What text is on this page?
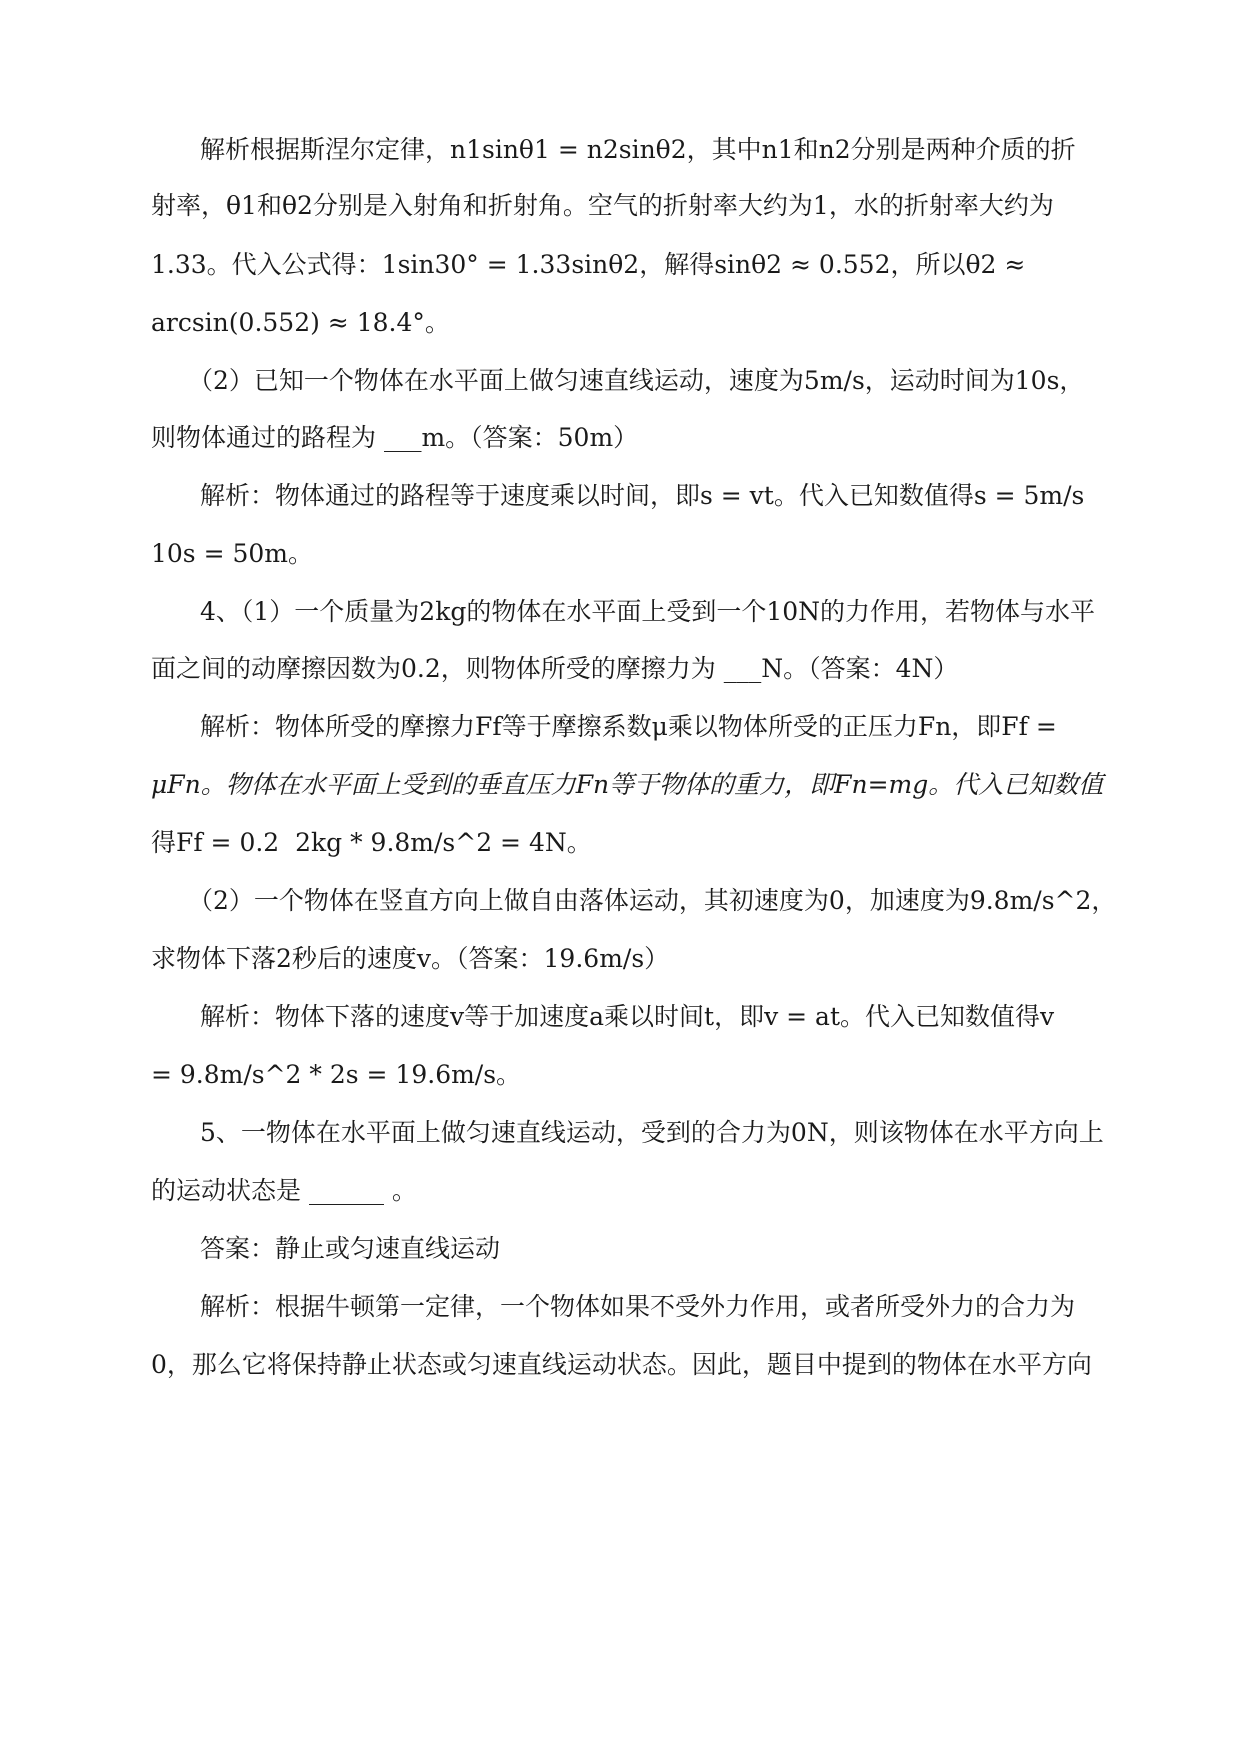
解析根据斯涅尔定律，n1sinθ1 = n2sinθ2，其中n1和n2分别是两种介质的折
射率，θ1和θ2分别是入射角和折射角。空气的折射率大约为1，水的折射率大约为
1.33。代入公式得：1sin30° = 1.33sinθ2，解得sinθ2 ≈ 0.552，所以θ2 ≈
arcsin(0.552) ≈ 18.4°。
（2）已知一个物体在水平面上做匀速直线运动，速度为5m/s，运动时间为10s，
则物体通过的路程为 ___m。（答案：50m）
解析：物体通过的路程等于速度乘以时间，即s = vt。代入已知数值得s = 5m/s
10s = 50m。
4、（1）一个质量为2kg的物体在水平面上受到一个10N的力作用，若物体与水平
面之间的动摩擦因数为0.2，则物体所受的摩擦力为 ___N。（答案：4N）
解析：物体所受的摩擦力Ff等于摩擦系数μ乘以物体所受的正压力Fn，即Ff =
μFn。物体在水平面上受到的垂直压力Fn等于物体的重力，即Fn=mg。代入已知数值
得Ff = 0.2  2kg * 9.8m/s^2 = 4N。
（2）一个物体在竖直方向上做自由落体运动，其初速度为0，加速度为9.8m/s^2，
求物体下落2秒后的速度v。（答案：19.6m/s）
解析：物体下落的速度v等于加速度a乘以时间t，即v = at。代入已知数值得v
= 9.8m/s^2 * 2s = 19.6m/s。
5、一物体在水平面上做匀速直线运动，受到的合力为0N，则该物体在水平方向上
的运动状态是 ______ 。
答案：静止或匀速直线运动
解析：根据牛顿第一定律，一个物体如果不受外力作用，或者所受外力的合力为
0，那么它将保持静止状态或匀速直线运动状态。因此，题目中提到的物体在水平方向
